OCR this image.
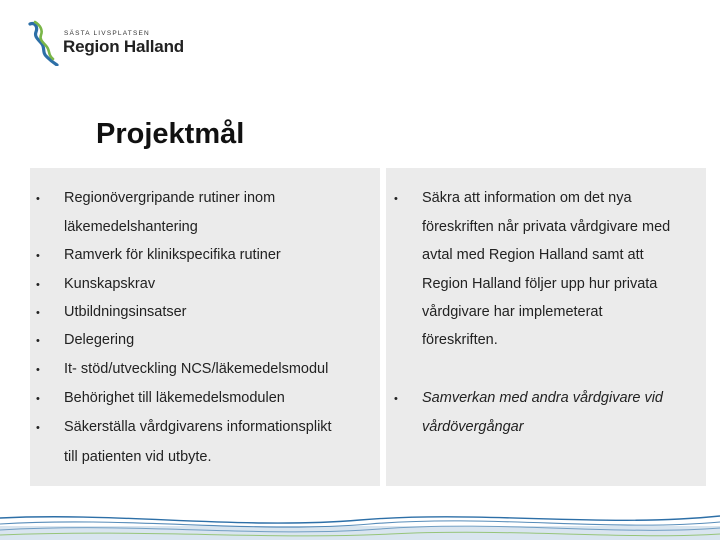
SÄSTA LIVSPLATSEN
Region Halland
Projektmål
• Regionövergripande rutiner inom
läkemedelshantering
• Ramverk för klinikspecifika rutiner
• Kunskapskrav
• Utbildningsinsatser
• Delegering
• It- stöd/utveckling NCS/läkemedelsmodul
• Behörighet till läkemedelsmodulen
• Säkerställa vårdgivarens informationsplikt
till patienten vid utbyte.
• Säkra att information om det nya
föreskriften når privata vårdgivare med
avtal med Region Halland samt att
Region Halland följer upp hur privata
vårdgivare har implemeterat
föreskriften.
• Samverkan med andra vårdgivare vid
vårdövergångar
